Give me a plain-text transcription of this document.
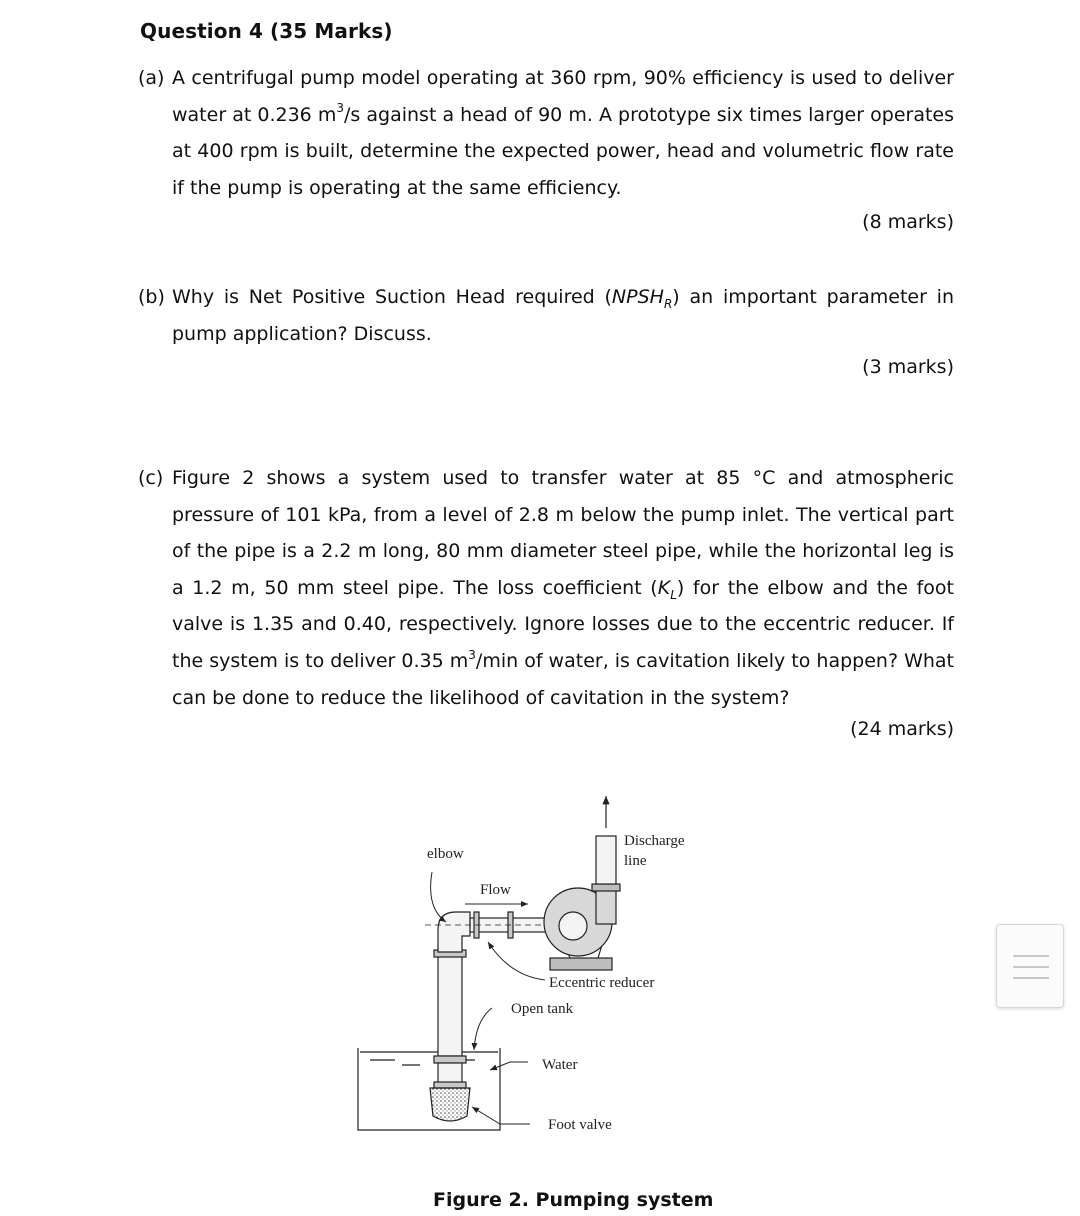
Question 4 (35 Marks)
(a) A centrifugal pump model operating at 360 rpm, 90% efficiency is used to deliver water at 0.236 $m^3/s$ against a head of 90 m. A prototype six times larger operates at 400 rpm is built, determine the expected power, head and volumetric flow rate if the pump is operating at the same efficiency.
(8 marks)
(b) Why is Net Positive Suction Head required $(NPSH_R)$ an important parameter in pump application? Discuss.
(3 marks)
(c) Figure 2 shows a system used to transfer water at 85 °C and atmospheric pressure of 101 kPa, from a level of 2.8 m below the pump inlet. The vertical part of the pipe is a 2.2 m long, 80 mm diameter steel pipe, while the horizontal leg is a 1.2 m, 50 mm steel pipe. The loss coefficient $(K_L)$ for the elbow and the foot valve is 1.35 and 0.40, respectively. Ignore losses due to the eccentric reducer. If the system is to deliver 0.35 $m^3/\min$ of water, is cavitation likely to happen? What can be done to reduce the likelihood of cavitation in the system?
(24 marks)
elbow
Flow
Discharge
line
Eccentric reducer
Open tank
Water
Foot valve
Figure 2. Pumping system
